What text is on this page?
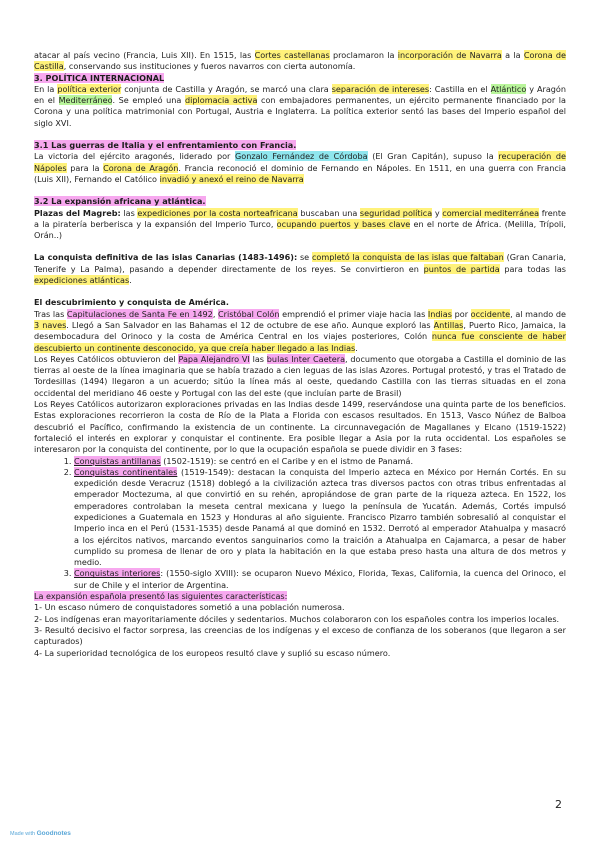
atacar al país vecino (Francia, Luis XII). En 1515, las Cortes castellanas proclamaron la incorporación de Navarra a la Corona de Castilla, conservando sus instituciones y fueros navarros con cierta autonomía.

3. POLÍTICA INTERNACIONAL

En la política exterior conjunta de Castilla y Aragón, se marcó una clara separación de intereses: Castilla en el Atlántico y Aragón en el Mediterráneo. Se empleó una diplomacia activa con embajadores permanentes, un ejército permanente financiado por la Corona y una política matrimonial con Portugal, Austria e Inglaterra. La política exterior sentó las bases del Imperio español del siglo XVI.

3.1 Las guerras de Italia y el enfrentamiento con Francia.

La victoria del ejército aragonés, liderado por Gonzalo Fernández de Córdoba (El Gran Capitán), supuso la recuperación de Nápoles para la Corona de Aragón. Francia reconoció el dominio de Fernando en Nápoles. En 1511, en una guerra con Francia (Luis XII), Fernando el Católico invadió y anexó el reino de Navarra

3.2 La expansión africana y atlántica.

Plazas del Magreb: las expediciones por la costa norteafricana buscaban una seguridad política y comercial mediterránea frente a la piratería berberisca y la expansión del Imperio Turco, ocupando puertos y bases clave en el norte de África. (Melilla, Trípoli, Orán..)

La conquista definitiva de las islas Canarias (1483-1496): se completó la conquista de las islas que faltaban (Gran Canaria, Tenerife y La Palma), pasando a depender directamente de los reyes. Se convirtieron en puntos de partida para todas las expediciones atlánticas.

El descubrimiento y conquista de América.

Tras las Capitulaciones de Santa Fe en 1492, Cristóbal Colón emprendió el primer viaje hacia las Indias por occidente, al mando de 3 naves. Llegó a San Salvador en las Bahamas el 12 de octubre de ese año. Aunque exploró las Antillas, Puerto Rico, Jamaica, la desembocadura del Orinoco y la costa de América Central en los viajes posteriores, Colón nunca fue consciente de haber descubierto un continente desconocido, ya que creía haber llegado a las Indias.

Los Reyes Católicos obtuvieron del Papa Alejandro VI las bulas Inter Caetera, documento que otorgaba a Castilla el dominio de las tierras al oeste de la línea imaginaria que se había trazado a cien leguas de las islas Azores. Portugal protestó, y tras el Tratado de Tordesillas (1494) llegaron a un acuerdo; sitúo la línea más al oeste, quedando Castilla con las tierras situadas en el zona occidental del meridiano 46 oeste y Portugal con las del este (que incluían parte de Brasil)

Los Reyes Católicos autorizaron exploraciones privadas en las Indias desde 1499, reservándose una quinta parte de los beneficios. Estas exploraciones recorrieron la costa de Río de la Plata a Florida con escasos resultados. En 1513, Vasco Núñez de Balboa descubrió el Pacífico, confirmando la existencia de un continente. La circunnavegación de Magallanes y Elcano (1519-1522) fortaleció el interés en explorar y conquistar el continente. Era posible llegar a Asia por la ruta occidental. Los españoles se interesaron por la conquista del continente, por lo que la ocupación española se puede dividir en 3 fases:

1. Conquistas antillanas (1502-1519): se centró en el Caribe y en el istmo de Panamá.
2. Conquistas continentales (1519-1549): destacan la conquista del Imperio azteca en México por Hernán Cortés. En su expedición desde Veracruz (1518) doblegó a la civilización azteca tras diversos pactos con otras tribus enfrentadas al emperador Moctezuma, al que convirtió en su rehén, apropiándose de gran parte de la riqueza azteca. En 1522, los emperadores controlaban la meseta central mexicana y luego la península de Yucatán. Además, Cortés impulsó expediciones a Guatemala en 1523 y Honduras al año siguiente. Francisco Pizarro también sobresalió al conquistar el Imperio inca en el Perú (1531-1535) desde Panamá al que dominó en 1532. Derrotó al emperador Atahualpa y masacró a los ejércitos nativos, marcando eventos sanguinarios como la traición a Atahualpa en Cajamarca, a pesar de haber cumplido su promesa de llenar de oro y plata la habitación en la que estaba preso hasta una altura de dos metros y medio.
3. Conquistas interiores: (1550-siglo XVIII): se ocuparon Nuevo México, Florida, Texas, California, la cuenca del Orinoco, el sur de Chile y el interior de Argentina.

La expansión española presentó las siguientes características:

1- Un escaso número de conquistadores sometió a una población numerosa.

2- Los indígenas eran mayoritariamente dóciles y sedentarios. Muchos colaboraron con los españoles contra los imperios locales.

3- Resultó decisivo el factor sorpresa, las creencias de los indígenas y el exceso de confianza de los soberanos (que llegaron a ser capturados)

4- La superioridad tecnológica de los europeos resultó clave y suplió su escaso número.

2
Made with Goodnotes
